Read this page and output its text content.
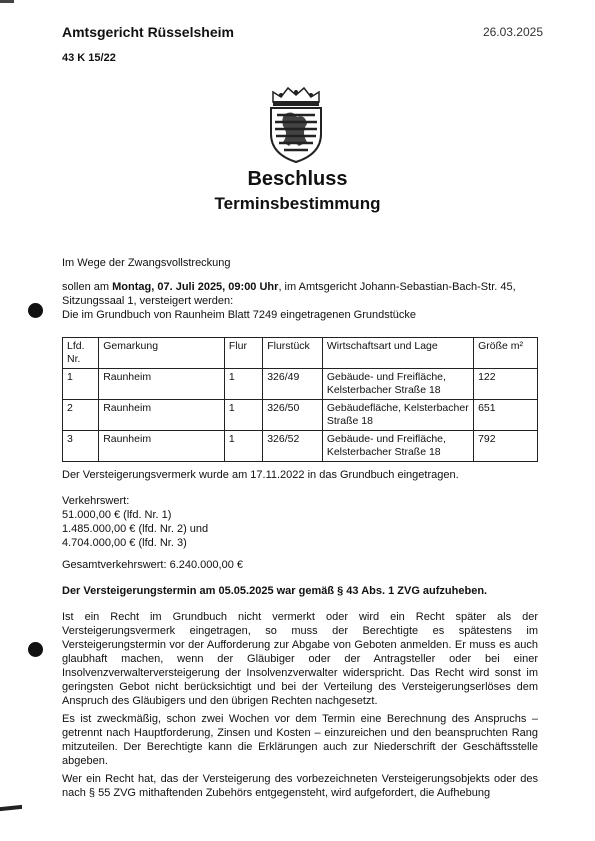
Amtsgericht Rüsselsheim	26.03.2025
43 K 15/22
Beschluss
Terminsbestimmung
Im Wege der Zwangsvollstreckung
sollen am Montag, 07. Juli 2025, 09:00 Uhr, im Amtsgericht Johann-Sebastian-Bach-Str. 45, Sitzungssaal 1, versteigert werden:
Die im Grundbuch von Raunheim Blatt 7249 eingetragenen Grundstücke
Lfd. Nr.	Gemarkung	Flur	Flurstück	Wirtschaftsart und Lage	Größe m²
1	Raunheim	1	326/49	Gebäude- und Freifläche, Kelsterbacher Straße 18	122
2	Raunheim	1	326/50	Gebäudefläche, Kelsterbacher Straße 18	651
3	Raunheim	1	326/52	Gebäude- und Freifläche, Kelsterbacher Straße 18	792
Der Versteigerungsvermerk wurde am 17.11.2022 in das Grundbuch eingetragen.
Verkehrswert:
51.000,00 € (lfd. Nr. 1)
1.485.000,00 € (lfd. Nr. 2) und
4.704.000,00 € (lfd. Nr. 3)
Gesamtverkehrswert: 6.240.000,00 €
Der Versteigerungstermin am 05.05.2025 war gemäß § 43 Abs. 1 ZVG aufzuheben.
Ist ein Recht im Grundbuch nicht vermerkt oder wird ein Recht später als der Versteigerungsvermerk eingetragen, so muss der Berechtigte es spätestens im Versteigerungstermin vor der Aufforderung zur Abgabe von Geboten anmelden. Er muss es auch glaubhaft machen, wenn der Gläubiger oder der Antragsteller oder bei einer Insolvenzverwalterversteigerung der Insolvenzverwalter widerspricht. Das Recht wird sonst im geringsten Gebot nicht berücksichtigt und bei der Verteilung des Versteigerungserlöses dem Anspruch des Gläubigers und den übrigen Rechten nachgesetzt.
Es ist zweckmäßig, schon zwei Wochen vor dem Termin eine Berechnung des Anspruchs – getrennt nach Hauptforderung, Zinsen und Kosten – einzureichen und den beanspruchten Rang mitzuteilen. Der Berechtigte kann die Erklärungen auch zur Niederschrift der Geschäftsstelle abgeben.
Wer ein Recht hat, das der Versteigerung des vorbezeichneten Versteigerungsobjekts oder des nach § 55 ZVG mithaftenden Zubehörs entgegensteht, wird aufgefordert, die Aufhebung
